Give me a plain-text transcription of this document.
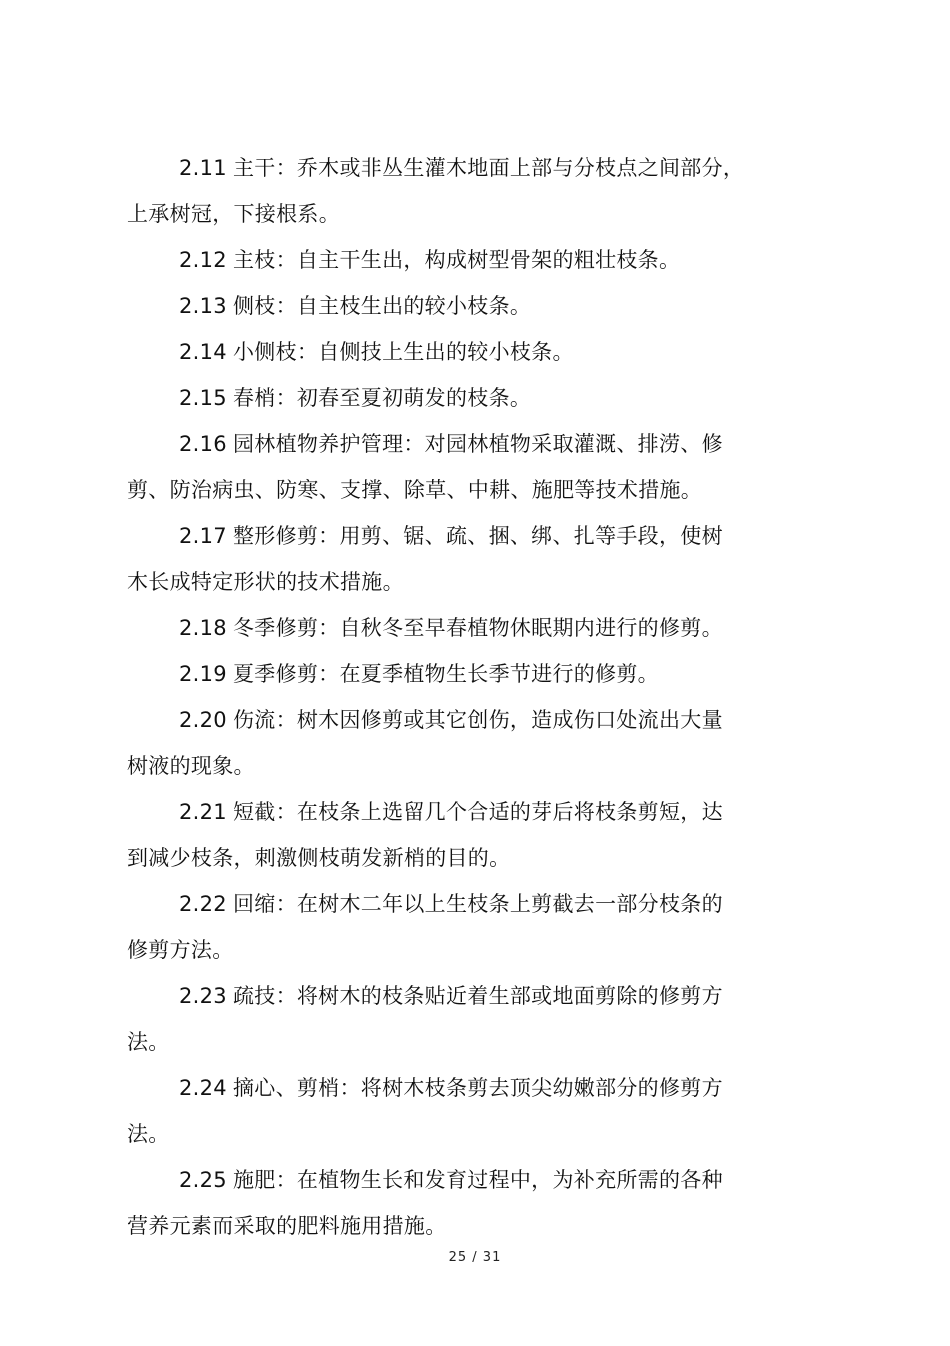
2.11 主干：乔木或非丛生灌木地面上部与分枝点之间部分，
上承树冠，下接根系。
2.12 主枝：自主干生出，构成树型骨架的粗壮枝条。
2.13 侧枝：自主枝生出的较小枝条。
2.14 小侧枝：自侧技上生出的较小枝条。
2.15 春梢：初春至夏初萌发的枝条。
2.16 园林植物养护管理：对园林植物采取灌溉、排涝、修
剪、防治病虫、防寒、支撑、除草、中耕、施肥等技术措施。
2.17 整形修剪：用剪、锯、疏、捆、绑、扎等手段，使树
木长成特定形状的技术措施。
2.18 冬季修剪：自秋冬至早春植物休眠期内进行的修剪。
2.19 夏季修剪：在夏季植物生长季节进行的修剪。
2.20 伤流：树木因修剪或其它创伤，造成伤口处流出大量
树液的现象。
2.21 短截：在枝条上选留几个合适的芽后将枝条剪短，达
到减少枝条，刺激侧枝萌发新梢的目的。
2.22 回缩：在树木二年以上生枝条上剪截去一部分枝条的
修剪方法。
2.23 疏技：将树木的枝条贴近着生部或地面剪除的修剪方
法。
2.24 摘心、剪梢：将树木枝条剪去顶尖幼嫩部分的修剪方
法。
2.25 施肥：在植物生长和发育过程中，为补充所需的各种
营养元素而采取的肥料施用措施。
25 / 31
